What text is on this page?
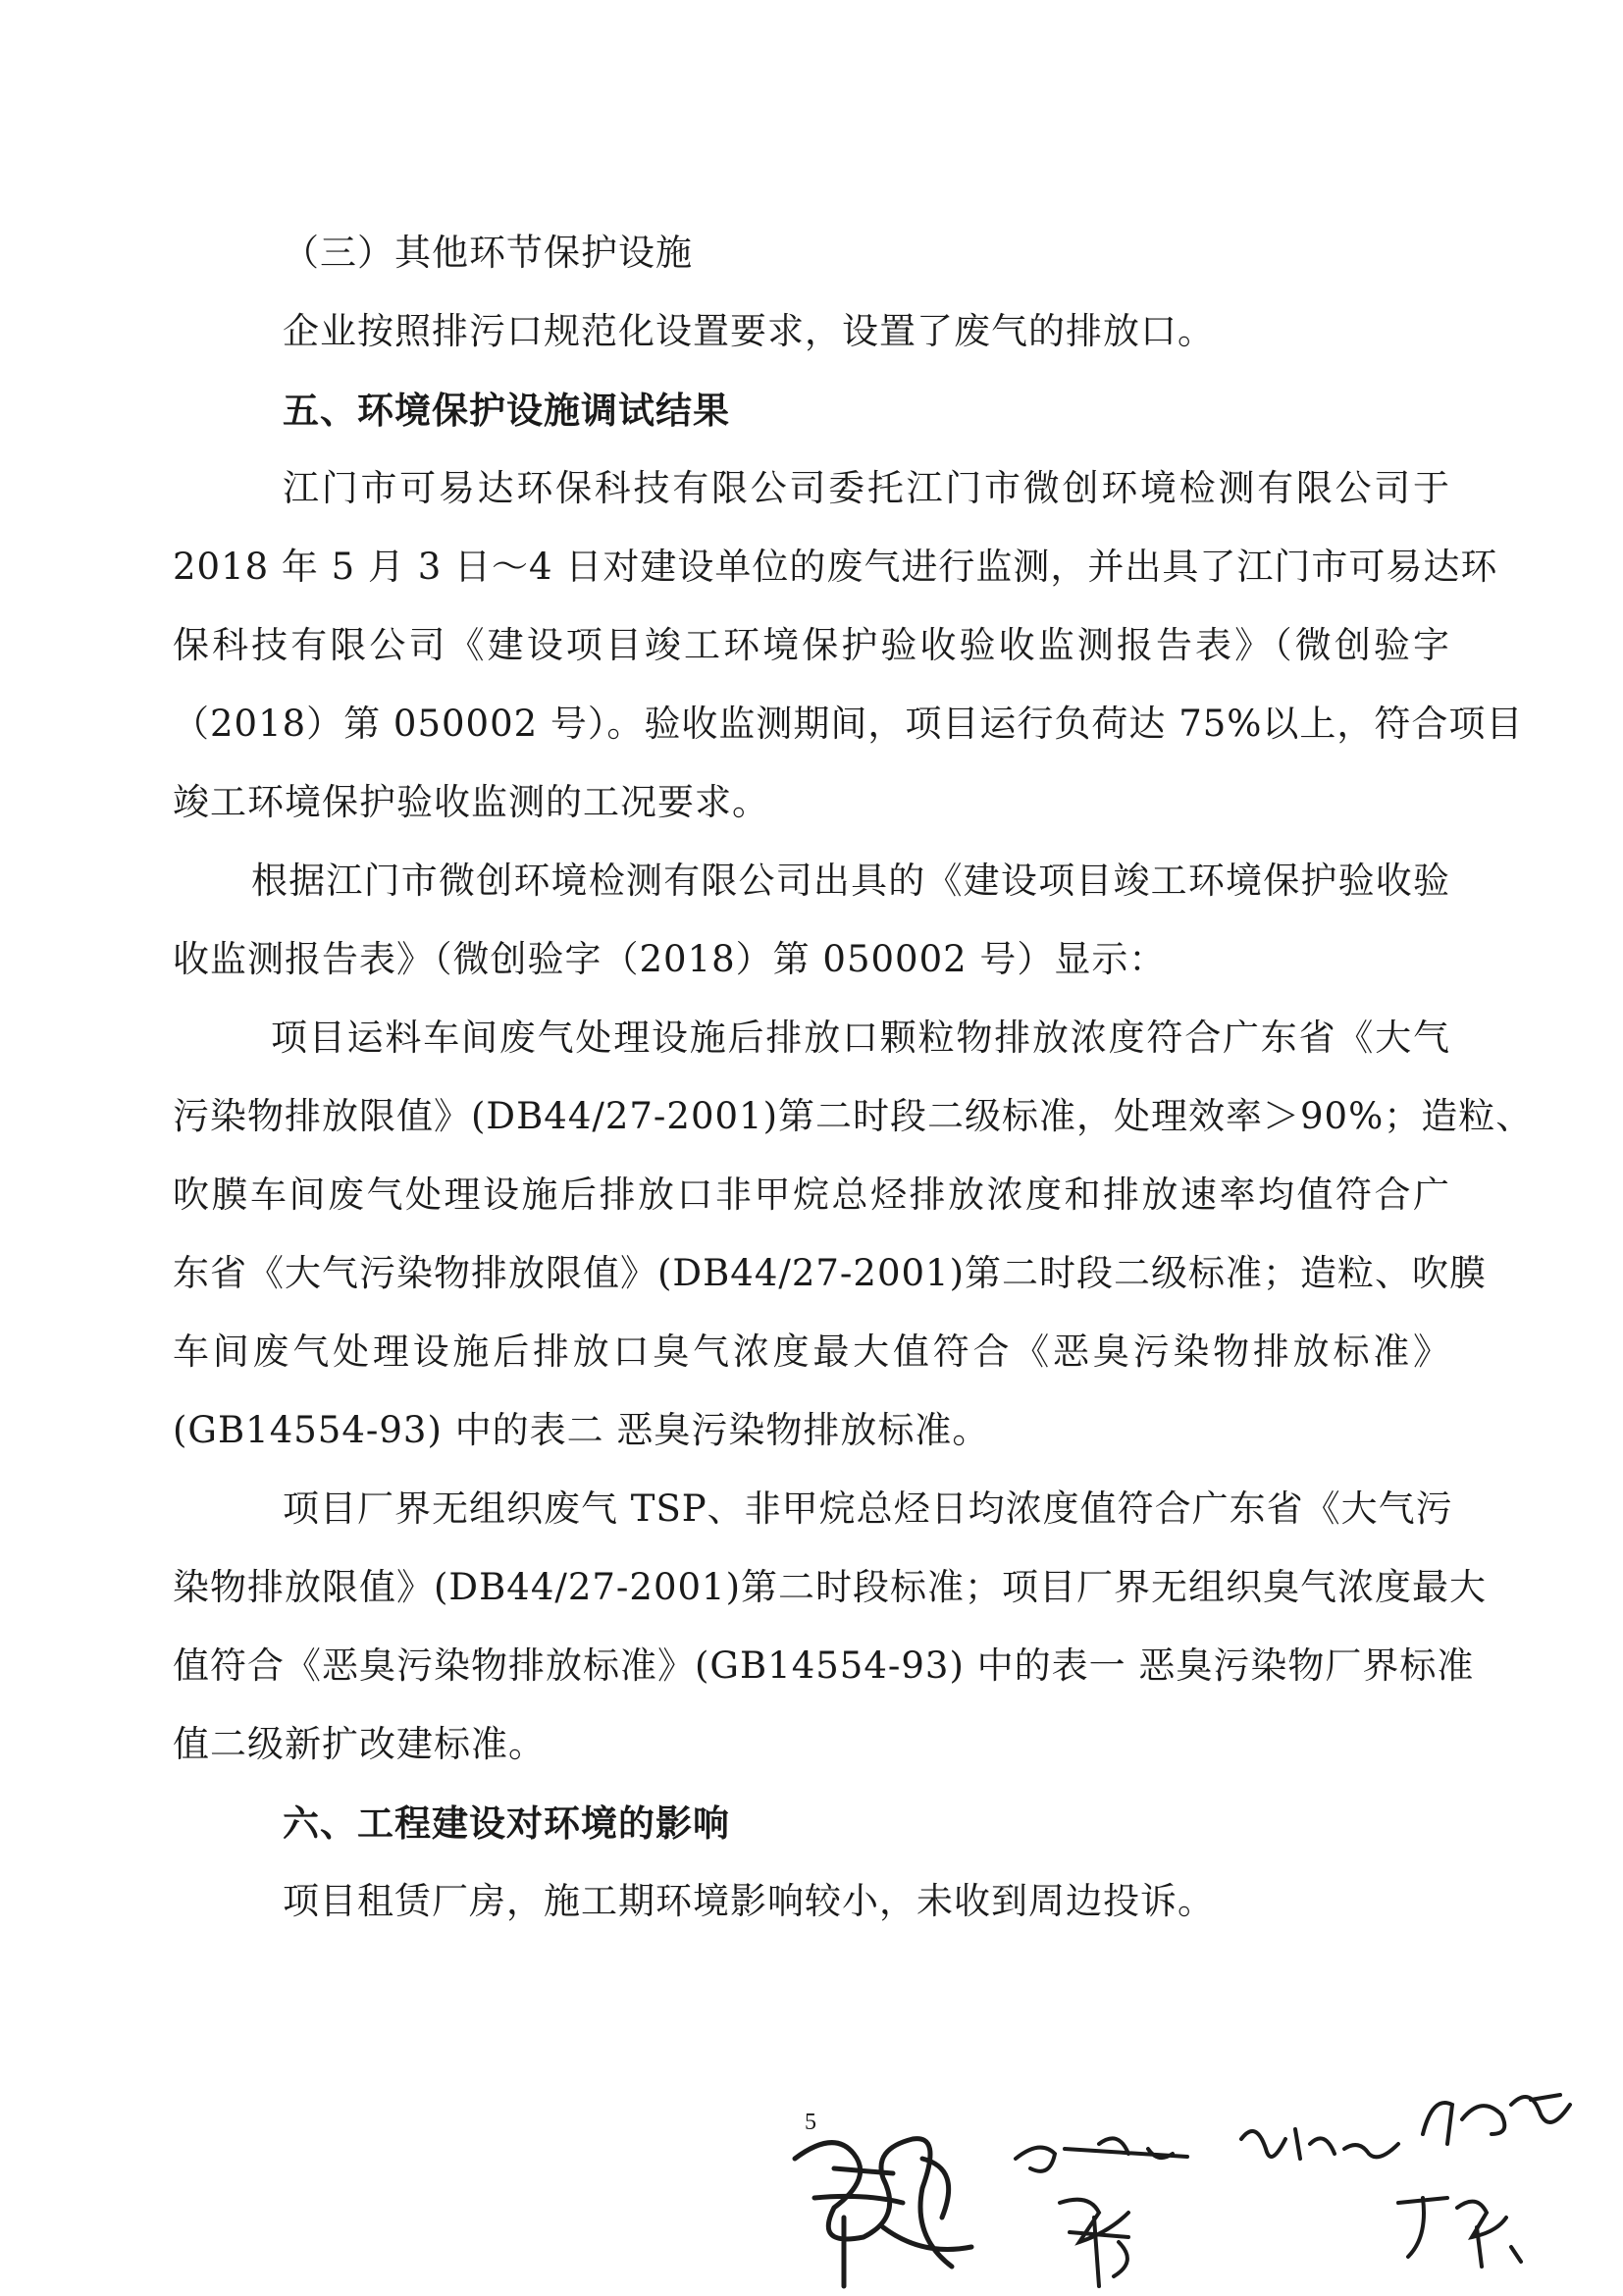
（三）其他环节保护设施
企业按照排污口规范化设置要求，设置了废气的排放口。
五、环境保护设施调试结果
江门市可易达环保科技有限公司委托江门市微创环境检测有限公司于
2018 年 5 月 3 日～4 日对建设单位的废气进行监测，并出具了江门市可易达环
保科技有限公司《建设项目竣工环境保护验收验收监测报告表》（微创验字
（2018）第 050002 号）。验收监测期间，项目运行负荷达 75%以上，符合项目
竣工环境保护验收监测的工况要求。
根据江门市微创环境检测有限公司出具的《建设项目竣工环境保护验收验
收监测报告表》（微创验字（2018）第 050002 号）显示：
项目运料车间废气处理设施后排放口颗粒物排放浓度符合广东省《大气
污染物排放限值》(DB44/27-2001)第二时段二级标准，处理效率＞90%；造粒、
吹膜车间废气处理设施后排放口非甲烷总烃排放浓度和排放速率均值符合广
东省《大气污染物排放限值》(DB44/27-2001)第二时段二级标准；造粒、吹膜
车间废气处理设施后排放口臭气浓度最大值符合《恶臭污染物排放标准》
(GB14554-93) 中的表二 恶臭污染物排放标准。
项目厂界无组织废气 TSP、非甲烷总烃日均浓度值符合广东省《大气污
染物排放限值》(DB44/27-2001)第二时段标准；项目厂界无组织臭气浓度最大
值符合《恶臭污染物排放标准》(GB14554-93) 中的表一 恶臭污染物厂界标准
值二级新扩改建标准。
六、工程建设对环境的影响
项目租赁厂房，施工期环境影响较小，未收到周边投诉。
5
